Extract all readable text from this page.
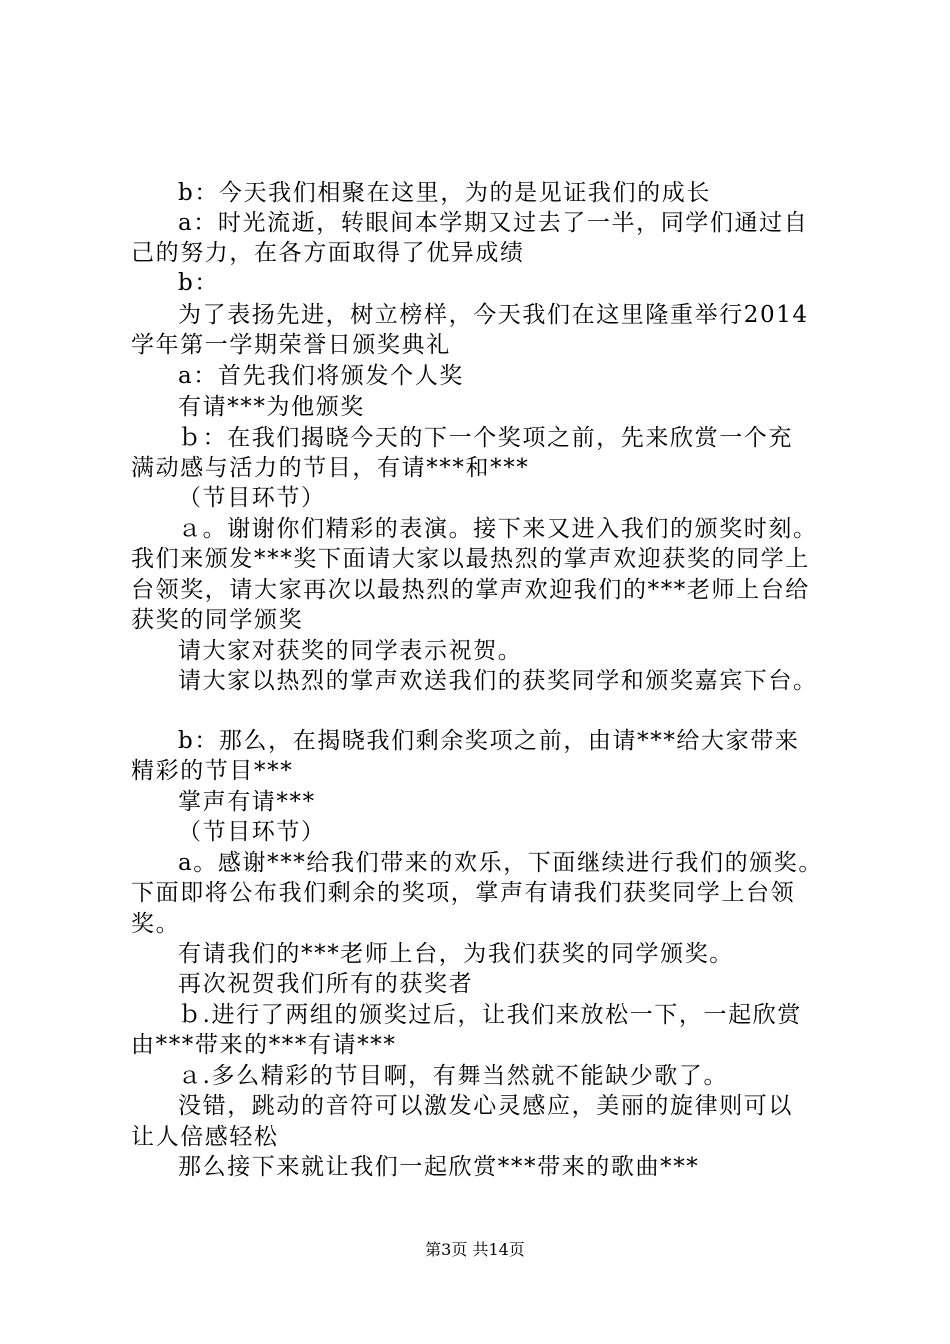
b：今天我们相聚在这里，为的是见证我们的成长
a：时光流逝，转眼间本学期又过去了一半，同学们通过自
己的努力，在各方面取得了优异成绩
b：
为了表扬先进，树立榜样，今天我们在这里隆重举行2014
学年第一学期荣誉日颁奖典礼
a：首先我们将颁发个人奖
有请***为他颁奖
ｂ：在我们揭晓今天的下一个奖项之前，先来欣赏一个充
满动感与活力的节目，有请***和***
（节目环节）
ａ。谢谢你们精彩的表演。接下来又进入我们的颁奖时刻。
我们来颁发***奖下面请大家以最热烈的掌声欢迎获奖的同学上
台领奖，请大家再次以最热烈的掌声欢迎我们的***老师上台给
获奖的同学颁奖
请大家对获奖的同学表示祝贺。
请大家以热烈的掌声欢送我们的获奖同学和颁奖嘉宾下台。
b：那么，在揭晓我们剩余奖项之前，由请***给大家带来
精彩的节目***
掌声有请***
（节目环节）
a。感谢***给我们带来的欢乐，下面继续进行我们的颁奖。
下面即将公布我们剩余的奖项，掌声有请我们获奖同学上台领
奖。
有请我们的***老师上台，为我们获奖的同学颁奖。
再次祝贺我们所有的获奖者
ｂ.进行了两组的颁奖过后，让我们来放松一下，一起欣赏
由***带来的***有请***
ａ.多么精彩的节目啊，有舞当然就不能缺少歌了。
没错，跳动的音符可以激发心灵感应，美丽的旋律则可以
让人倍感轻松
那么接下来就让我们一起欣赏***带来的歌曲***
第3页 共14页
